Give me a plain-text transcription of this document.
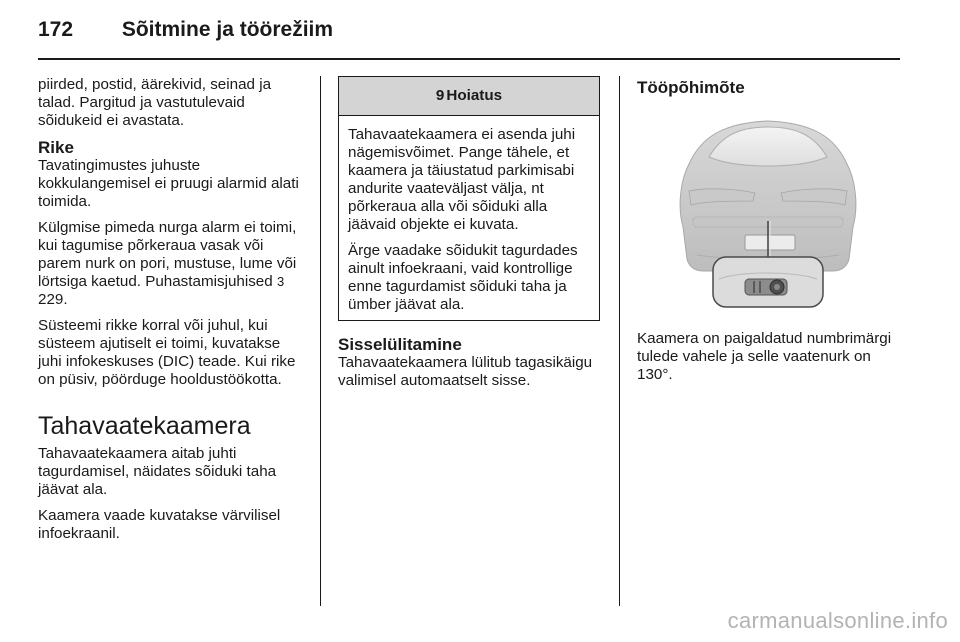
172 Sõitmine ja töörežiim

piirded, postid, äärekivid, seinad ja talad. Pargitud ja vastutulevaid sõidukeid ei avastata.

Rike

Tavatingimustes juhuste kokkulangemisel ei pruugi alarmid alati toimida.

Külgmise pimeda nurga alarm ei toimi, kui tagumise põrkeraua vasak või parem nurk on pori, mustuse, lume või lörtsiga kaetud. Puhastamisjuhised 3 229.

Süsteemi rikke korral või juhul, kui süsteem ajutiselt ei toimi, kuvatakse juhi infokeskuses (DIC) teade. Kui rike on püsiv, pöörduge hooldustöökotta.

Tahavaatekaamera

Tahavaatekaamera aitab juhti tagurdamisel, näidates sõiduki taha jäävat ala.

Kaamera vaade kuvatakse värvilisel infoekraanil.

9 Hoiatus

Tahavaatekaamera ei asenda juhi nägemisvõimet. Pange tähele, et kaamera ja täiustatud parkimisabi andurite vaateväljast välja, nt põrkeraua alla või sõiduki alla jäävaid objekte ei kuvata.

Ärge vaadake sõidukit tagurdades ainult infoekraani, vaid kontrollige enne tagurdamist sõiduki taha ja ümber jäävat ala.

Sisselülitamine

Tahavaatekaamera lülitub tagasikäigu valimisel automaatselt sisse.

Tööpõhimõte

Kaamera on paigaldatud numbrimärgi tulede vahele ja selle vaatenurk on 130°.

carmanualsonline.info
